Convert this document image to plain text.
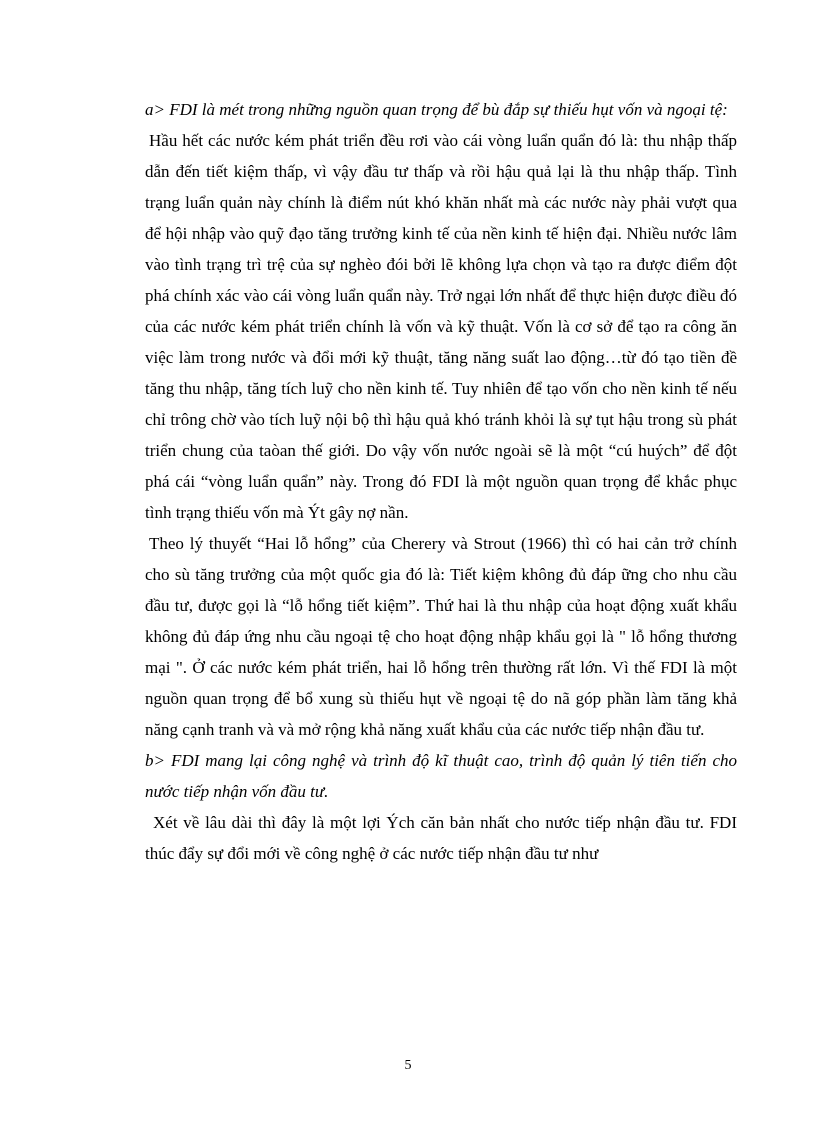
a> FDI là mét trong những nguồn quan trọng để bù đắp sự thiếu hụt vốn và ngoại tệ:

Hầu hết các nước kém phát triển đều rơi vào cái vòng luẩn quẩn đó là: thu nhập thấp dẫn đến tiết kiệm thấp, vì vậy đầu tư thấp và rồi hậu quả lại là thu nhập thấp. Tình trạng luẩn quản này chính là điểm nút khó khăn nhất mà các nước này phải vượt qua để hội nhập vào quỹ đạo tăng trưởng kinh tế của nền kinh tế hiện đại. Nhiều nước lâm vào tình trạng trì trệ của sự nghèo đói bởi lẽ không lựa chọn và tạo ra được điểm đột phá chính xác vào cái vòng luẩn quẩn này. Trở ngại lớn nhất để thực hiện được điều đó của các nước kém phát triển chính là vốn và kỹ thuật. Vốn là cơ sở để tạo ra công ăn việc làm trong nước và đổi mới kỹ thuật, tăng năng suất lao động…từ đó tạo tiền đề tăng thu nhập, tăng tích luỹ cho nền kinh tế. Tuy nhiên để tạo vốn cho nền kinh tế nếu chỉ trông chờ vào tích luỹ nội bộ thì hậu quả khó tránh khỏi là sự tụt hậu trong sù phát triển chung của taòan thế giới. Do vậy vốn nước ngoài sẽ là một “cú huých” để đột phá cái “vòng luẩn quẩn” này. Trong đó FDI là một nguồn quan trọng để khắc phục tình trạng thiếu vốn mà Ýt gây nợ nần.

Theo lý thuyết “Hai lỗ hổng” của Cherery và Strout (1966) thì có hai cản trở chính cho sù tăng trưởng của một quốc gia đó là: Tiết kiệm không đủ đáp ững cho nhu cầu đầu tư, được gọi là “lỗ hổng tiết kiệm”. Thứ hai là thu nhập của hoạt động xuất khẩu không đủ đáp ứng nhu cầu ngoại tệ cho hoạt động nhập khẩu gọi là " lỗ hổng thương mại ". Ở các nước kém phát triển, hai lỗ hổng trên thường rất lớn. Vì thế FDI là một nguồn quan trọng để bổ xung sù thiếu hụt về ngoại tệ do nã góp phần làm tăng khả năng cạnh tranh và và mở rộng khả năng xuất khẩu của các nước tiếp nhận đầu tư.

b> FDI mang lại công nghệ và trình độ kĩ thuật cao, trình độ quản lý tiên tiến cho nước tiếp nhận vốn đầu tư.

Xét về lâu dài thì đây là một lợi Ých căn bản nhất cho nước tiếp nhận đầu tư. FDI thúc đẩy sự đổi mới về công nghệ ở các nước tiếp nhận đầu tư như

5
